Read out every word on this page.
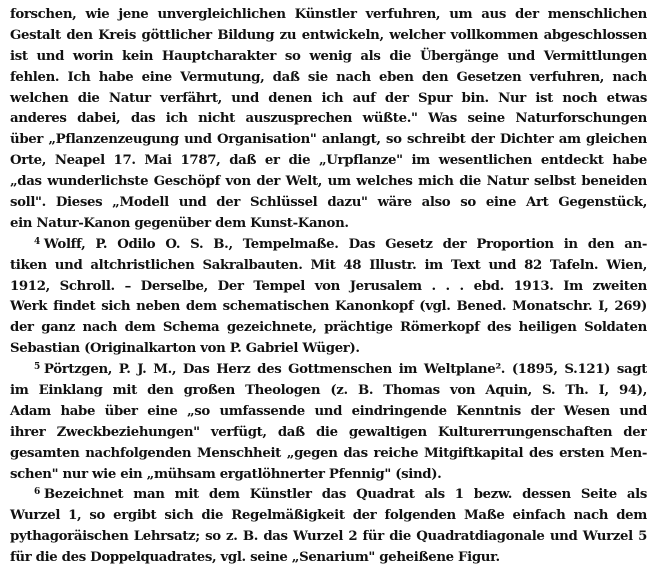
forschen, wie jene unvergleichlichen Künstler verfuhren, um aus der menschlichen
Gestalt den Kreis göttlicher Bildung zu entwickeln, welcher vollkommen abgeschlossen
ist und worin kein Hauptcharakter so wenig als die Übergänge und Vermittlungen
fehlen. Ich habe eine Vermutung, daß sie nach eben den Gesetzen verfuhren, nach
welchen die Natur verfährt, und denen ich auf der Spur bin. Nur ist noch etwas
anderes dabei, das ich nicht auszusprechen wüßte." Was seine Naturforschungen
über „Pflanzenzeugung und Organisation" anlangt, so schreibt der Dichter am gleichen
Orte, Neapel 17. Mai 1787, daß er die „Urpflanze" im wesentlichen entdeckt habe
„das wunderlichste Geschöpf von der Welt, um welches mich die Natur selbst beneiden
soll". Dieses „Modell und der Schlüssel dazu" wäre also so eine Art Gegenstück,
ein Natur-Kanon gegenüber dem Kunst-Kanon.
$^4$ Wolff, P. Odilo O. S. B., Tempelmaße. Das Gesetz der Proportion in den an-
tiken und altchristlichen Sakralbauten. Mit 48 Illustr. im Text und 82 Tafeln. Wien,
1912, Schroll. – Derselbe, Der Tempel von Jerusalem . . . ebd. 1913. Im zweiten
Werk findet sich neben dem schematischen Kanonkopf (vgl. Bened. Monatschr. I, 269)
der ganz nach dem Schema gezeichnete, prächtige Römerkopf des heiligen Soldaten
Sebastian (Originalkarton von P. Gabriel Wüger).
$^5$ Pörtzgen, P. J. M., Das Herz des Gottmenschen im Weltplane². (1895, S.121) sagt
im Einklang mit den großen Theologen (z. B. Thomas von Aquin, S. Th. I, 94),
Adam habe über eine „so umfassende und eindringende Kenntnis der Wesen und
ihrer Zweckbeziehungen" verfügt, daß die gewaltigen Kulturerrungenschaften der
gesamten nachfolgenden Menschheit „gegen das reiche Mitgiftkapital des ersten Men-
schen" nur wie ein „mühsam ergatlöhnerter Pfennig" (sind).
$^6$ Bezeichnet man mit dem Künstler das Quadrat als 1 bezw. dessen Seite als
Wurzel 1, so ergibt sich die Regelmäßigkeit der folgenden Maße einfach nach dem
pythagoräischen Lehrsatz; so z. B. das Wurzel 2 für die Quadratdiagonale und Wurzel 5
für die des Doppelquadrates, vgl. seine „Senarium" geheißene Figur.
